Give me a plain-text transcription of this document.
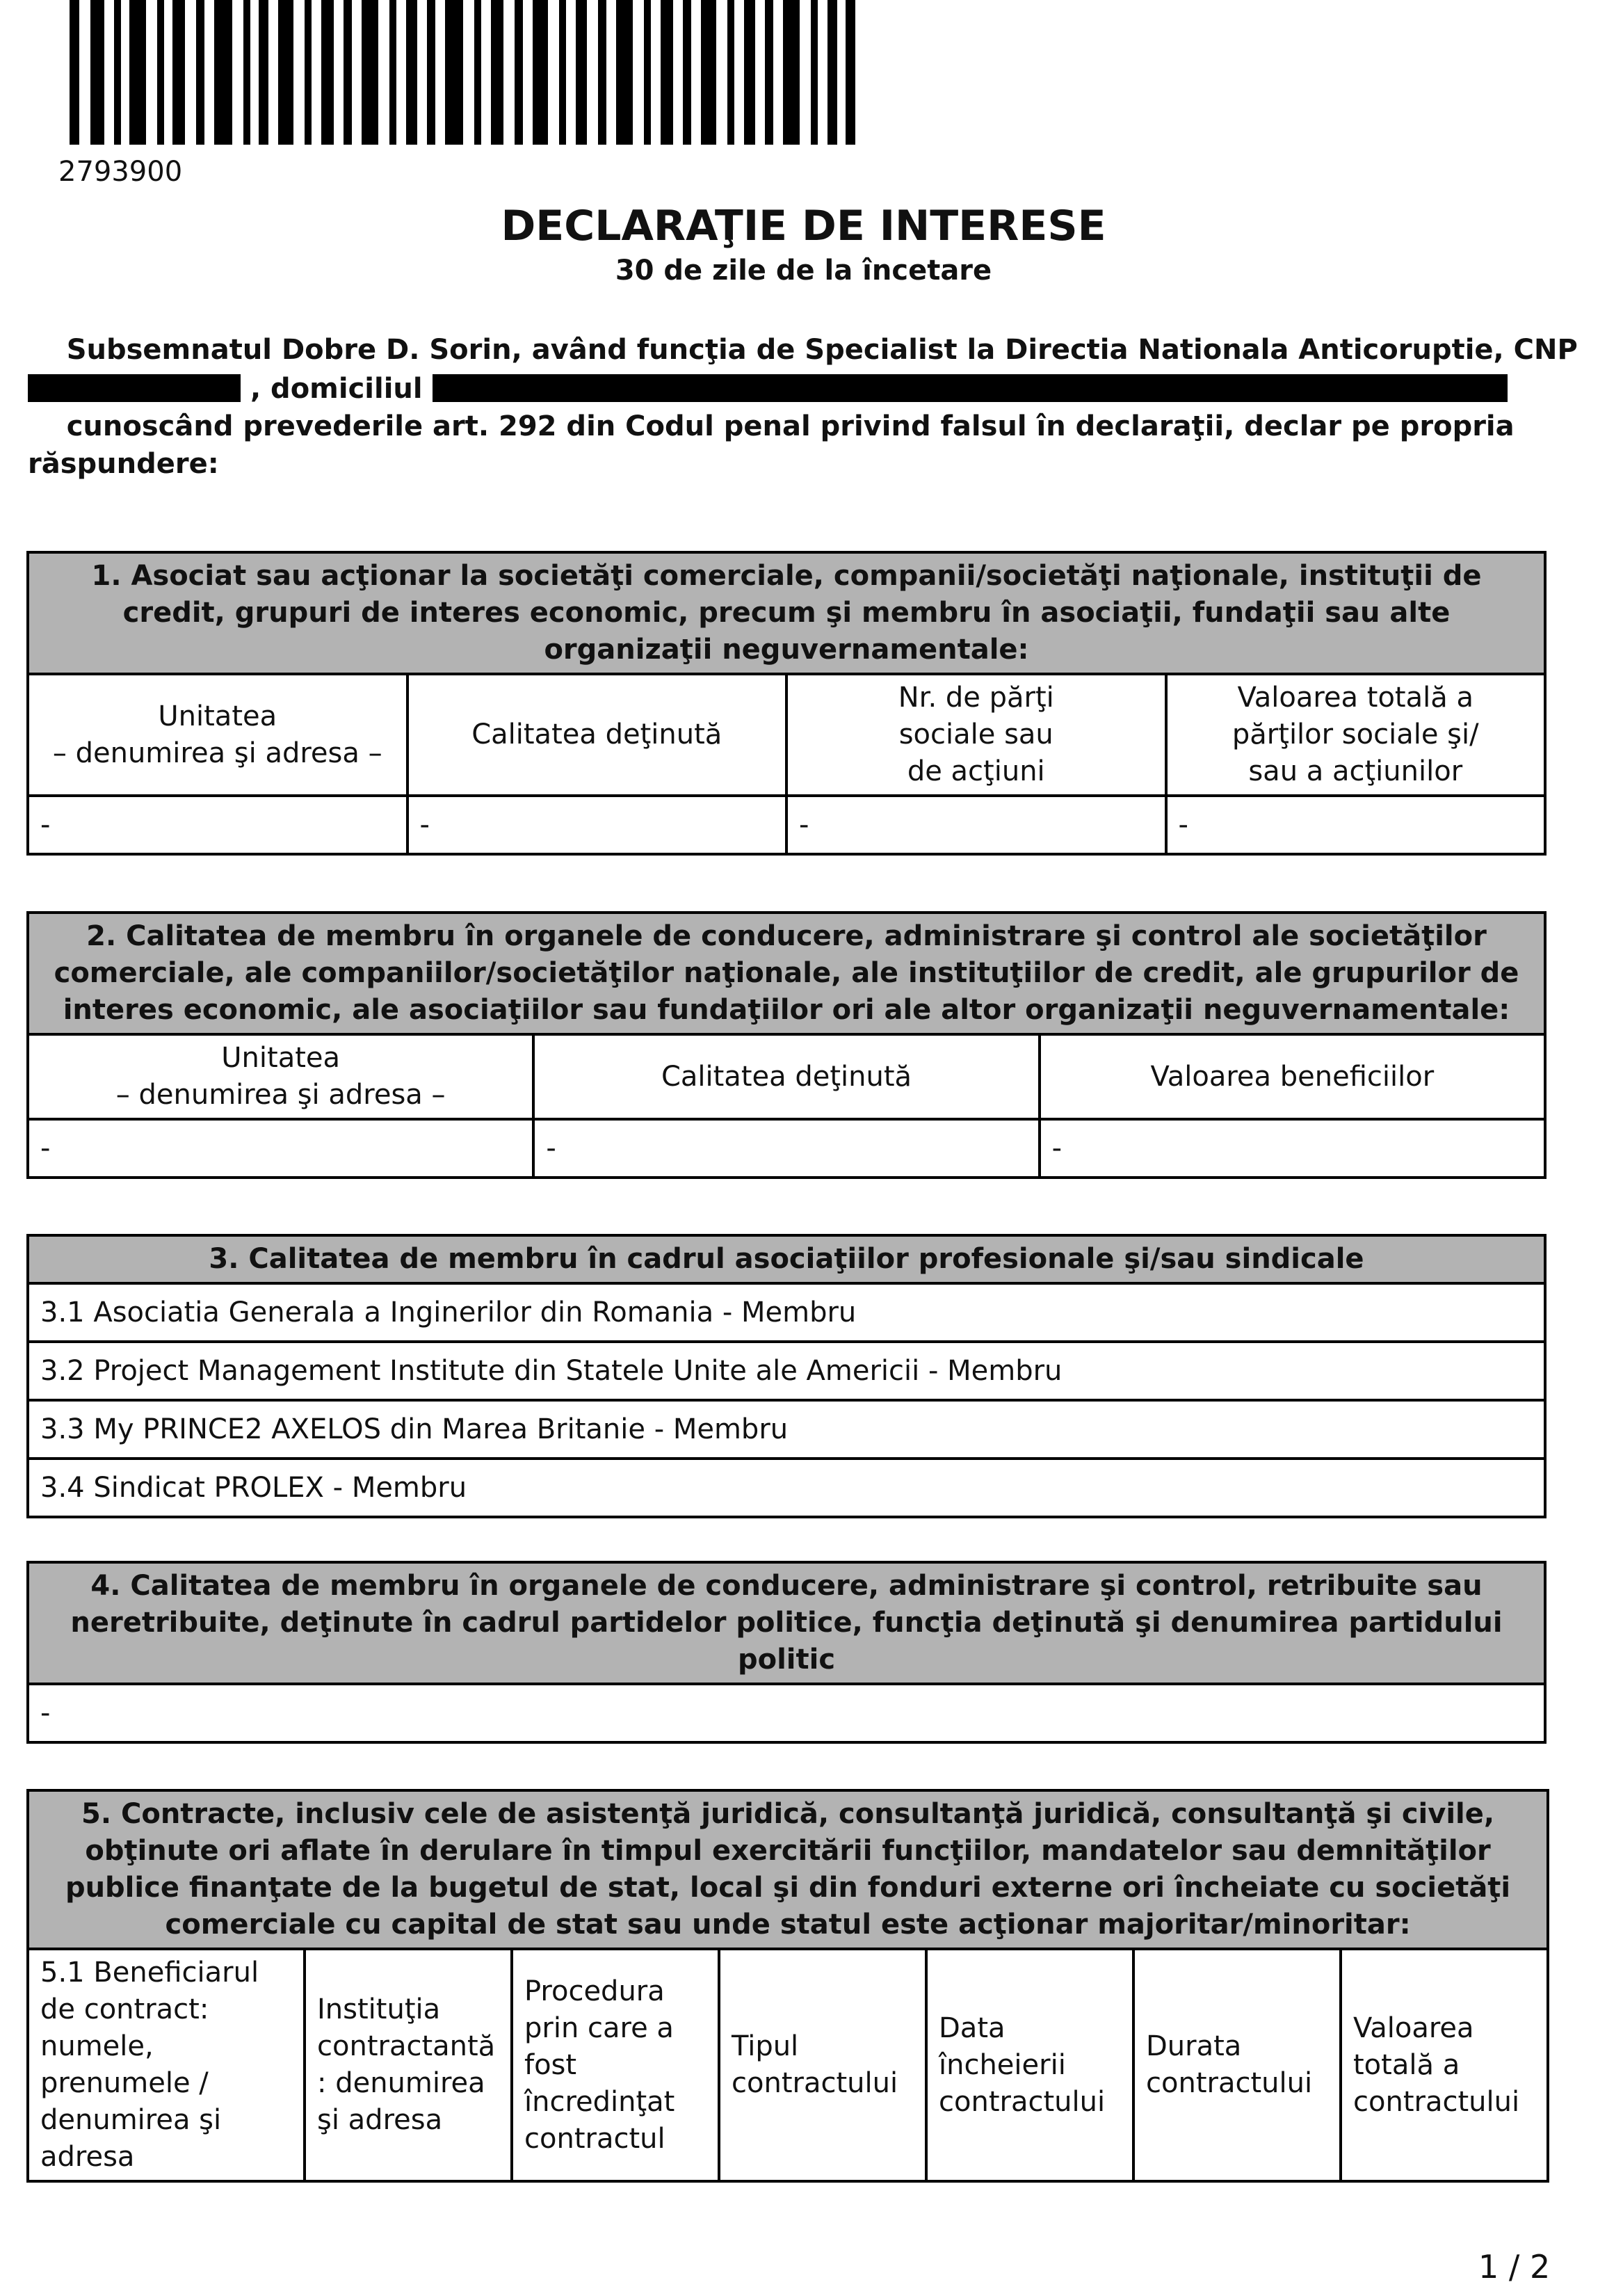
2793900
DECLARAŢIE DE INTERESE
30 de zile de la încetare
Subsemnatul Dobre D. Sorin, având funcţia de Specialist la Directia Nationala Anticoruptie, CNP
, domiciliul
cunoscând prevederile art. 292 din Codul penal privind falsul în declaraţii, declar pe propria
răspundere:
1. Asociat sau acţionar la societăţi comerciale, companii/societăţi naţionale, instituţii de credit, grupuri de interes economic, precum şi membru în asociaţii, fundaţii sau alte organizaţii neguvernamentale:			
Unitatea
– denumirea şi adresa –	Calitatea deţinută	Nr. de părţi
sociale sau
de acţiuni	Valoarea totală a
părţilor sociale şi/
sau a acţiunilor
-	-	-	-
2. Calitatea de membru în organele de conducere, administrare şi control ale societăţilor comerciale, ale companiilor/societăţilor naţionale, ale instituţiilor de credit, ale grupurilor de interes economic, ale asociaţiilor sau fundaţiilor ori ale altor organizaţii neguvernamentale:		
Unitatea
– denumirea şi adresa –	Calitatea deţinută	Valoarea beneficiilor
-	-	-
3. Calitatea de membru în cadrul asociaţiilor profesionale şi/sau sindicale
3.1 Asociatia Generala a Inginerilor din Romania - Membru
3.2 Project Management Institute din Statele Unite ale Americii - Membru
3.3 My PRINCE2 AXELOS din Marea Britanie - Membru
3.4 Sindicat PROLEX - Membru
4. Calitatea de membru în organele de conducere, administrare şi control, retribuite sau neretribuite, deţinute în cadrul partidelor politice, funcţia deţinută şi denumirea partidului politic
-
5. Contracte, inclusiv cele de asistenţă juridică, consultanţă juridică, consultanţă şi civile, obţinute ori aflate în derulare în timpul exercitării funcţiilor, mandatelor sau demnităţilor publice finanţate de la bugetul de stat, local şi din fonduri externe ori încheiate cu societăţi comerciale cu capital de stat sau unde statul este acţionar majoritar/minoritar:
5.1 Beneficiarul
de contract:
numele,
prenumele /
denumirea şi
adresa	Instituţia
contractantă
: denumirea
şi adresa	Procedura
prin care a
fost
încredinţat
contractul	Tipul
contractului	Data
încheierii
contractului	Durata
contractului	Valoarea
totală a
contractului
1 / 2
